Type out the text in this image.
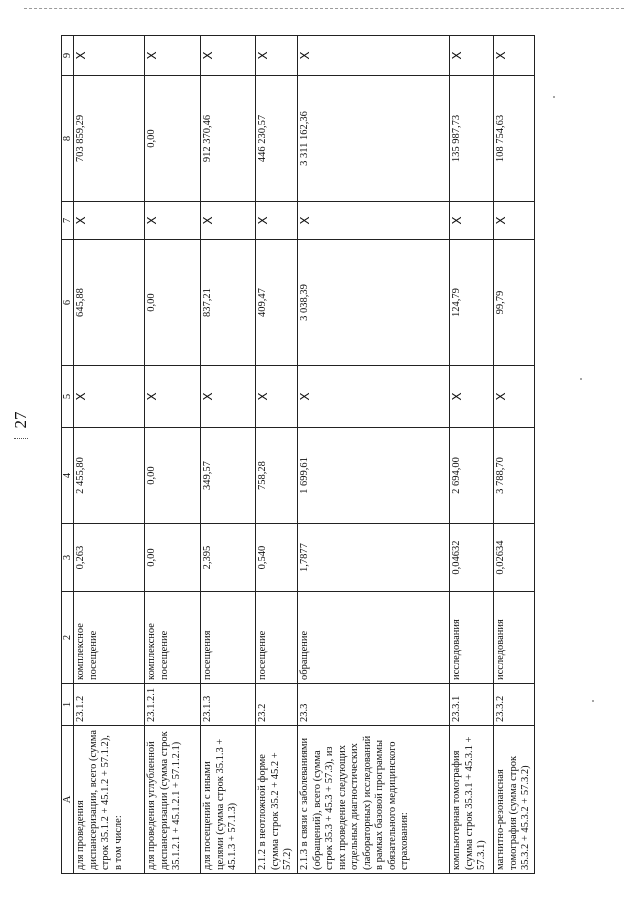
27
A	1	2	3	4	5	6	7	8	9
для проведения диспансеризации, всего (сумма строк 35.1.2 + 45.1.2 + 57.1.2), в том числе:	23.1.2	комплексное посещение	0,263	2 455,80	Х	645,88	Х	703 859,29	Х
для проведения углубленной диспансеризации (сумма строк 35.1.2.1 + 45.1.2.1 + 57.1.2.1)	23.1.2.1	комплексное посещение	0,00	0,00	Х	0,00	Х	0,00	Х
для посещений с иными целями (сумма строк 35.1.3 + 45.1.3 + 57.1.3)	23.1.3	посещения	2,395	349,57	Х	837,21	Х	912 370,46	Х
2.1.2 в неотложной форме (сумма строк 35.2 + 45.2 + 57.2)	23.2	посещение	0,540	758,28	Х	409,47	Х	446 230,57	Х
2.1.3 в связи с заболеваниями (обращений), всего (сумма строк 35.3 + 45.3 + 57.3), из них проведение следующих отдельных диагностических (лабораторных) исследований в рамках базовой программы обязательного медицинского страхования:	23.3	обращение	1,7877	1 699,61	Х	3 038,39	Х	3 311 162,36	Х
компьютерная томография (сумма строк 35.3.1 + 45.3.1 + 57.3.1)	23.3.1	исследования	0,04632	2 694,00	Х	124,79	Х	135 987,73	Х
магнитно-резонансная томография (сумма строк 35.3.2 + 45.3.2 + 57.3.2)	23.3.2	исследования	0,02634	3 788,70	Х	99,79	Х	108 754,63	Х
